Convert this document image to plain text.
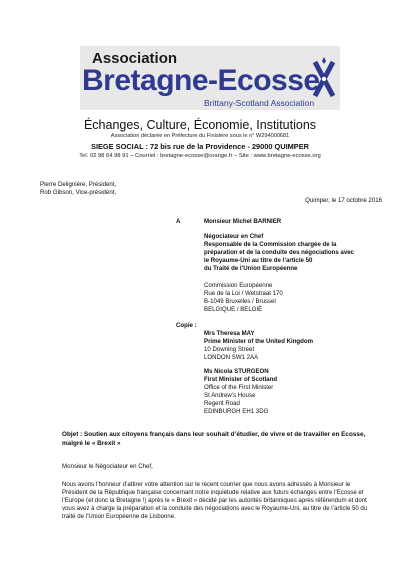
Association
Bretagne-Ecosse
Brittany-Scotland Association
Échanges, Culture, Économie, Institutions
Association déclarée en Préfecture du Finistère sous le n° W294000681
SIEGE SOCIAL : 72 bis rue de la Providence - 29000 QUIMPER
Tel. 02 98 64 98 91 – Courriel : bretagne-ecosse@orange.fr – Site : www.bretagne-ecosse.org
Pierre Delignière, Président,
Rob Gibson, Vice-président,
Quimper, le 17 octobre 2016
A	Monsieur Michel BARNIER
Négociateur en Chef
Responsable de la Commission chargée de la
préparation et de la conduite des négociations avec
le Royaume-Uni au titre de l’article 50
du Traité de l’Union Européenne
Commission Européenne
Rue de la Loi / Wetstraat 170
B-1049 Bruxelles / Brussel
BELGIQUE / BELGIË
Copie :
Mrs Theresa MAY
Prime Minister of the United Kingdom
10 Downing Street
LONDON SW1 2AA
Ms Nicola STURGEON
First Minister of Scotland
Office of the First Minister
St Andrew’s House
Regent Road
EDINBURGH EH1 3DG
Objet : Soutien aux citoyens français dans leur souhait d’étudier, de vivre et de travailler en Écosse,
malgré le « Brexit »
Monsieur le Négociateur en Chef,
Nous avons l’honneur d’attirer votre attention sur le récent courrier que nous avons adressés à Monsieur le
Président de la République française concernant notre inquiétude relative aux futurs échanges entre l’Ecosse et
l’Europe (et donc la Bretagne !) après le « Brexit » décidé par les autorités britanniques après référendum et dont
vous avez à charge la préparation et la conduite des négociations avec le Royaume-Uni, au titre de l’article 50 du
traité de l’Union Européenne de Lisbonne.
